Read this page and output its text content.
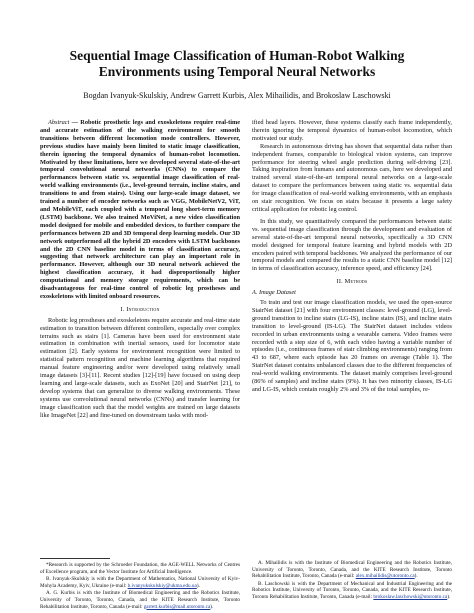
Sequential Image Classification of Human-Robot Walking Environments using Temporal Neural Networks
Bogdan Ivanyuk-Skulskiy, Andrew Garrett Kurbis, Alex Mihailidis, and Brokoslaw Laschowski

Abstract — Robotic prosthetic legs and exoskeletons require real-time and accurate estimation of the walking environment for smooth transitions between different locomotion mode controllers. However, previous studies have mainly been limited to static image classification, therein ignoring the temporal dynamics of human-robot locomotion. Motivated by these limitations, here we developed several state-of-the-art temporal convolutional neural networks (CNNs) to compare the performances between static vs. sequential image classification of real-world walking environments (i.e., level-ground terrain, incline stairs, and transitions to and from stairs). Using our large-scale image dataset, we trained a number of encoder networks such as VGG, MobileNetV2, ViT, and MobileViT, each coupled with a temporal long short-term memory (LSTM) backbone. We also trained MoViNet, a new video classification model designed for mobile and embedded devices, to further compare the performances between 2D and 3D temporal deep learning models. Our 3D network outperformed all the hybrid 2D encoders with LSTM backbones and the 2D CNN baseline model in terms of classification accuracy, suggesting that network architecture can play an important role in performance. However, although our 3D neural network achieved the highest classification accuracy, it had disproportionally higher computational and memory storage requirements, which can be disadvantageous for real-time control of robotic leg prostheses and exoskeletons with limited onboard resources.

I. Introduction

Robotic leg prostheses and exoskeletons require accurate and real-time state estimation to transition between different controllers, especially over complex terrains such as stairs [1]. Cameras have been used for environment state estimation in combination with inertial sensors, used for locomotor state estimation [2]. Early systems for environment recognition were limited to statistical pattern recognition and machine learning algorithms that required manual feature engineering and/or were developed using relatively small image datasets [3]-[11]. Recent studies [12]-[19] have focused on using deep learning and large-scale datasets, such as ExoNet [20] and StairNet [21], to develop systems that can generalize to diverse walking environments. These systems use convolutional neural networks (CNNs) and transfer learning for image classification such that the model weights are trained on large datasets like ImageNet [22] and fine-tuned on downstream tasks with mod-

ified head layers. However, these systems classify each frame independently, therein ignoring the temporal dynamics of human-robot locomotion, which motivated our study.

Research in autonomous driving has shown that sequential data rather than independent frames, comparable to biological vision systems, can improve performance for steering wheel angle prediction during self-driving [23]. Taking inspiration from humans and autonomous cars, here we developed and trained several state-of-the-art temporal neural networks on a large-scale dataset to compare the performances between using static vs. sequential data for image classification of real-world walking environments, with an emphasis on stair recognition. We focus on stairs because it presents a large safety critical application for robotic leg control.

In this study, we quantitatively compared the performances between static vs. sequential image classification through the development and evaluation of several state-of-the-art temporal neural networks, specifically a 3D CNN model designed for temporal feature learning and hybrid models with 2D encoders paired with temporal backbones. We analyzed the performance of our temporal models and compared the results to a static CNN baseline model [12] in terms of classification accuracy, inference speed, and efficiency [24].

II. Methods
A. Image Dataset

To train and test our image classification models, we used the open-source StairNet dataset [21] with four environment classes: level-ground (LG), level-ground transition to incline stairs (LG-IS), incline stairs (IS), and incline stairs transition to level-ground (IS-LG). The StairNet dataset includes videos recorded in urban environments using a wearable camera. Video frames were recorded with a step size of 6, with each video having a variable number of episodes (i.e., continuous frames of stair climbing environments) ranging from 43 to 687, where each episode has 20 frames on average (Table 1). The StairNet dataset contains unbalanced classes due to the different frequencies of real-world walking environments. The dataset mainly comprises level-ground (86% of samples) and incline stairs (9%). It has two minority classes, IS-LG and LG-IS, which contain roughly 2% and 3% of the total samples, re-

*Research is supported by the Schroeder Foundation, the AGE-WELL Networks of Centres of Excellence program, and the Vector Institute for Artificial Intelligence.

B. Ivanyuk-Skulskiy is with the Department of Mathematics, National University of Kyiv-Mohyla Academy, Kyiv, Ukraine (e-mail: b.ivanyukskulskiy@ukma.edu.ua).

A. G. Kurbis is with the Institute of Biomedical Engineering and the Robotics Institute, University of Toronto, Toronto, Canada, and the KITE Research Institute, Toronto Rehabilitation Institute, Toronto, Canada (e-mail: garrett.kurbis@mail.utoronto.ca).

A. Mihailidis is with the Institute of Biomedical Engineering and the Robotics Institute, University of Toronto, Toronto, Canada, and the KITE Research Institute, Toronto Rehabilitation Institute, Toronto, Canada (e-mail: alex.mihailidis@utoronto.ca).

B. Laschowski is with the Department of Mechanical and Industrial Engineering and the Robotics Institute, University of Toronto, Toronto, Canada, and the KITE Research Institute, Toronto Rehabilitation Institute, Toronto, Canada (e-mail: brokoslaw.laschowski@utoronto.ca).
